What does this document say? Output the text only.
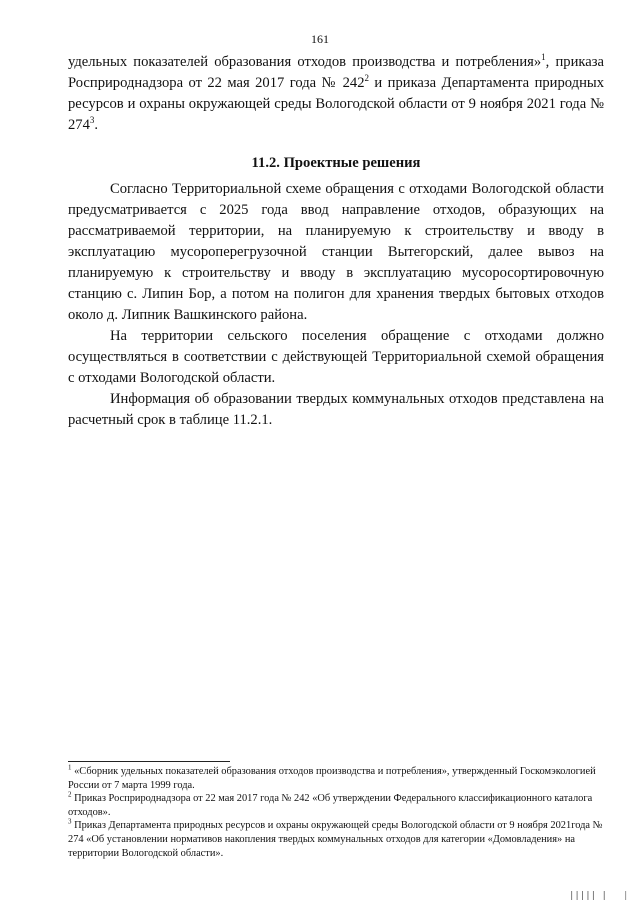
161

удельных показателей образования отходов производства и потребления»$^1$, приказа Росприроднадзора от 22 мая 2017 года № $242^2$ и приказа Департамента природных ресурсов и охраны окружающей среды Вологодской области от 9 ноября 2021 года № $274^3$.

11.2. Проектные решения

Согласно Территориальной схеме обращения с отходами Вологодской области предусматривается с 2025 года ввод направление отходов, образующих на рассматриваемой территории, на планируемую к строительству и вводу в эксплуатацию мусороперегрузочной станции Вытегорский, далее вывоз на планируемую к строительству и вводу в эксплуатацию мусоросортировочную станцию с. Липин Бор, а потом на полигон для хранения твердых бытовых отходов около д. Липник Вашкинского района.

На территории сельского поселения обращение с отходами должно осуществляться в соответствии с действующей Территориальной схемой обращения с отходами Вологодской области.

Информация об образовании твердых коммунальных отходов представлена на расчетный срок в таблице 11.2.1.

$^1$ «Сборник удельных показателей образования отходов производства и потребления», утвержденный Госкомэкологией России от 7 марта 1999 года.

$^2$ Приказ Росприроднадзора от 22 мая 2017 года № 242 «Об утверждении Федерального классификационного каталога отходов».

$^3$ Приказ Департамента природных ресурсов и охраны окружающей среды Вологодской области от 9 ноября 2021года № 274 «Об установлении нормативов накопления твердых коммунальных отходов для категории «Домовладения» на территории Вологодской области».

||||| | |
